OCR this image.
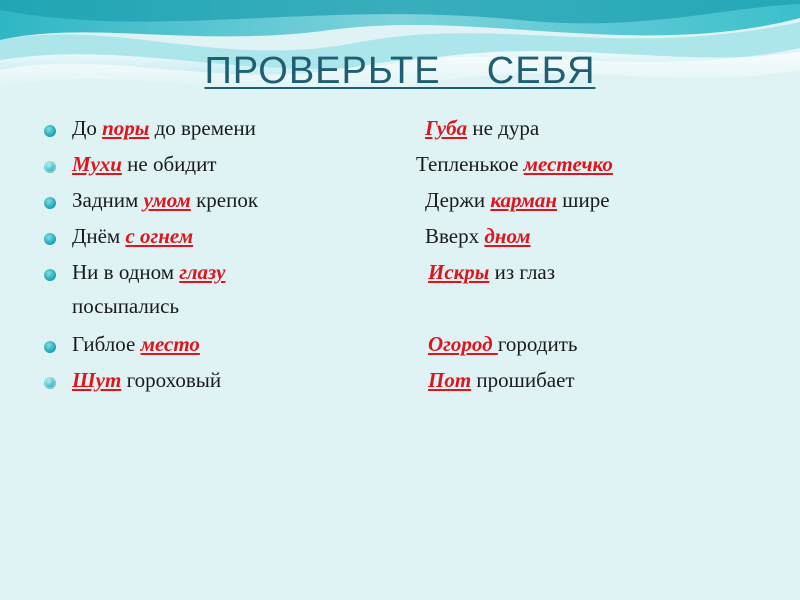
ПРОВЕРЬТЕ    СЕБЯ
До поры до времени	Губа не дура
Мухи не обидит	Тепленькое местечко
Задним умом крепок	Держи карман шире
Днём с огнем	Вверх дном
Ни в одном глазу	Искры из глаз
посыпались
Гиблое место	Огород городить
Шут гороховый	Пот прошибает
